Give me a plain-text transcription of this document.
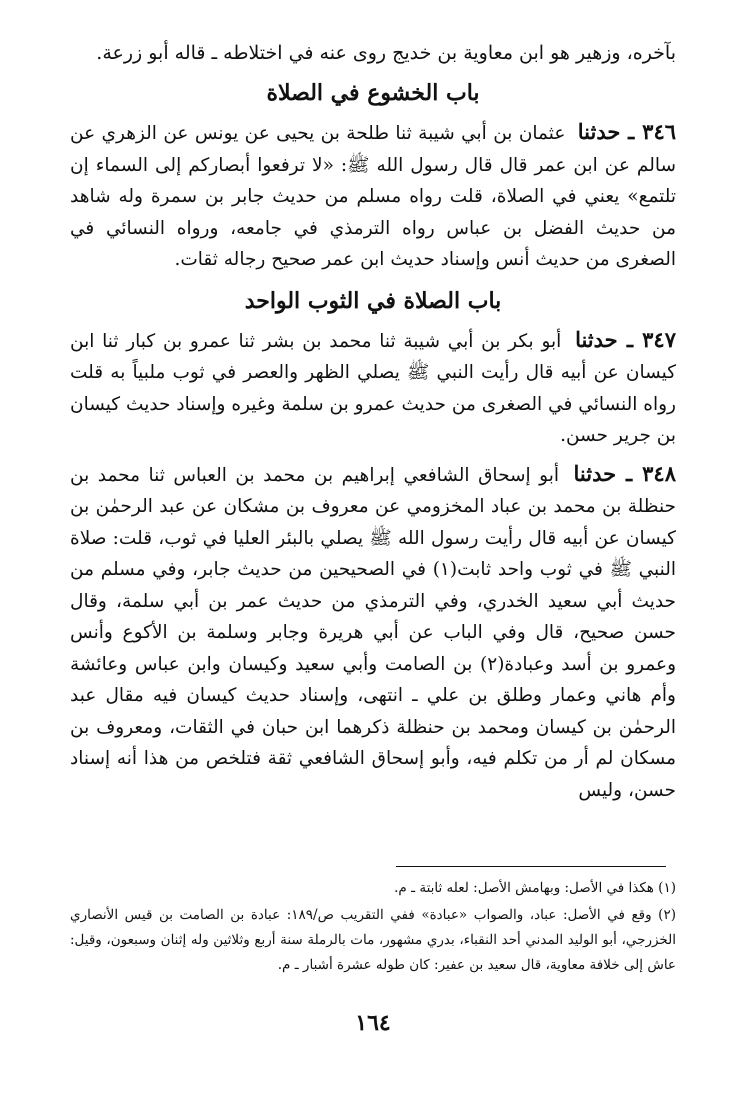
بآخره، وزهير هو ابن معاوية بن خديج روى عنه في اختلاطه ـ قاله أبو زرعة.
باب الخشوع في الصلاة
٣٤٦ ـ حدثنا عثمان بن أبي شيبة ثنا طلحة بن يحيى عن يونس عن الزهري عن سالم عن ابن عمر قال قال رسول الله ﷺ: «لا ترفعوا أبصاركم إلى السماء إن تلتمع» يعني في الصلاة، قلت رواه مسلم من حديث جابر بن سمرة وله شاهد من حديث الفضل بن عباس رواه الترمذي في جامعه، ورواه النسائي في الصغرى من حديث أنس وإسناد حديث ابن عمر صحيح رجاله ثقات.
باب الصلاة في الثوب الواحد
٣٤٧ ـ حدثنا أبو بكر بن أبي شيبة ثنا محمد بن بشر ثنا عمرو بن كبار ثنا ابن كيسان عن أبيه قال رأيت النبي ﷺ يصلي الظهر والعصر في ثوب ملبياً به قلت رواه النسائي في الصغرى من حديث عمرو بن سلمة وغيره وإسناد حديث كيسان بن جرير حسن.
٣٤٨ ـ حدثنا أبو إسحاق الشافعي إبراهيم بن محمد بن العباس ثنا محمد بن حنظلة بن محمد بن عباد المخزومي عن معروف بن مشكان عن عبد الرحمٰن بن كيسان عن أبيه قال رأيت رسول الله ﷺ يصلي بالبئر العليا في ثوب، قلت: صلاة النبي ﷺ في ثوب واحد ثابت(١) في الصحيحين من حديث جابر، وفي مسلم من حديث أبي سعيد الخدري، وفي الترمذي من حديث عمر بن أبي سلمة، وقال حسن صحيح، قال وفي الباب عن أبي هريرة وجابر وسلمة بن الأكوع وأنس وعمرو بن أسد وعبادة(٢) بن الصامت وأبي سعيد وكيسان وابن عباس وعائشة وأم هاني وعمار وطلق بن علي ـ انتهى، وإسناد حديث كيسان فيه مقال عبد الرحمٰن بن كيسان ومحمد بن حنظلة ذكرهما ابن حبان في الثقات، ومعروف بن مسكان لم أر من تكلم فيه، وأبو إسحاق الشافعي ثقة فتلخص من هذا أنه إسناد حسن، وليس
(١) هكذا في الأصل: وبهامش الأصل: لعله ثابتة ـ م.
(٢) وقع في الأصل: عباد، والصواب «عبادة» ففي التقريب ص/١٨٩: عبادة بن الصامت بن قيس الأنصاري الخزرجي، أبو الوليد المدني أحد النقباء، بدري مشهور، مات بالرملة سنة أربع وثلاثين وله إثنان وسبعون، وقيل: عاش إلى خلافة معاوية، قال سعيد بن عفير: كان طوله عشرة أشبار ـ م.
١٦٤
